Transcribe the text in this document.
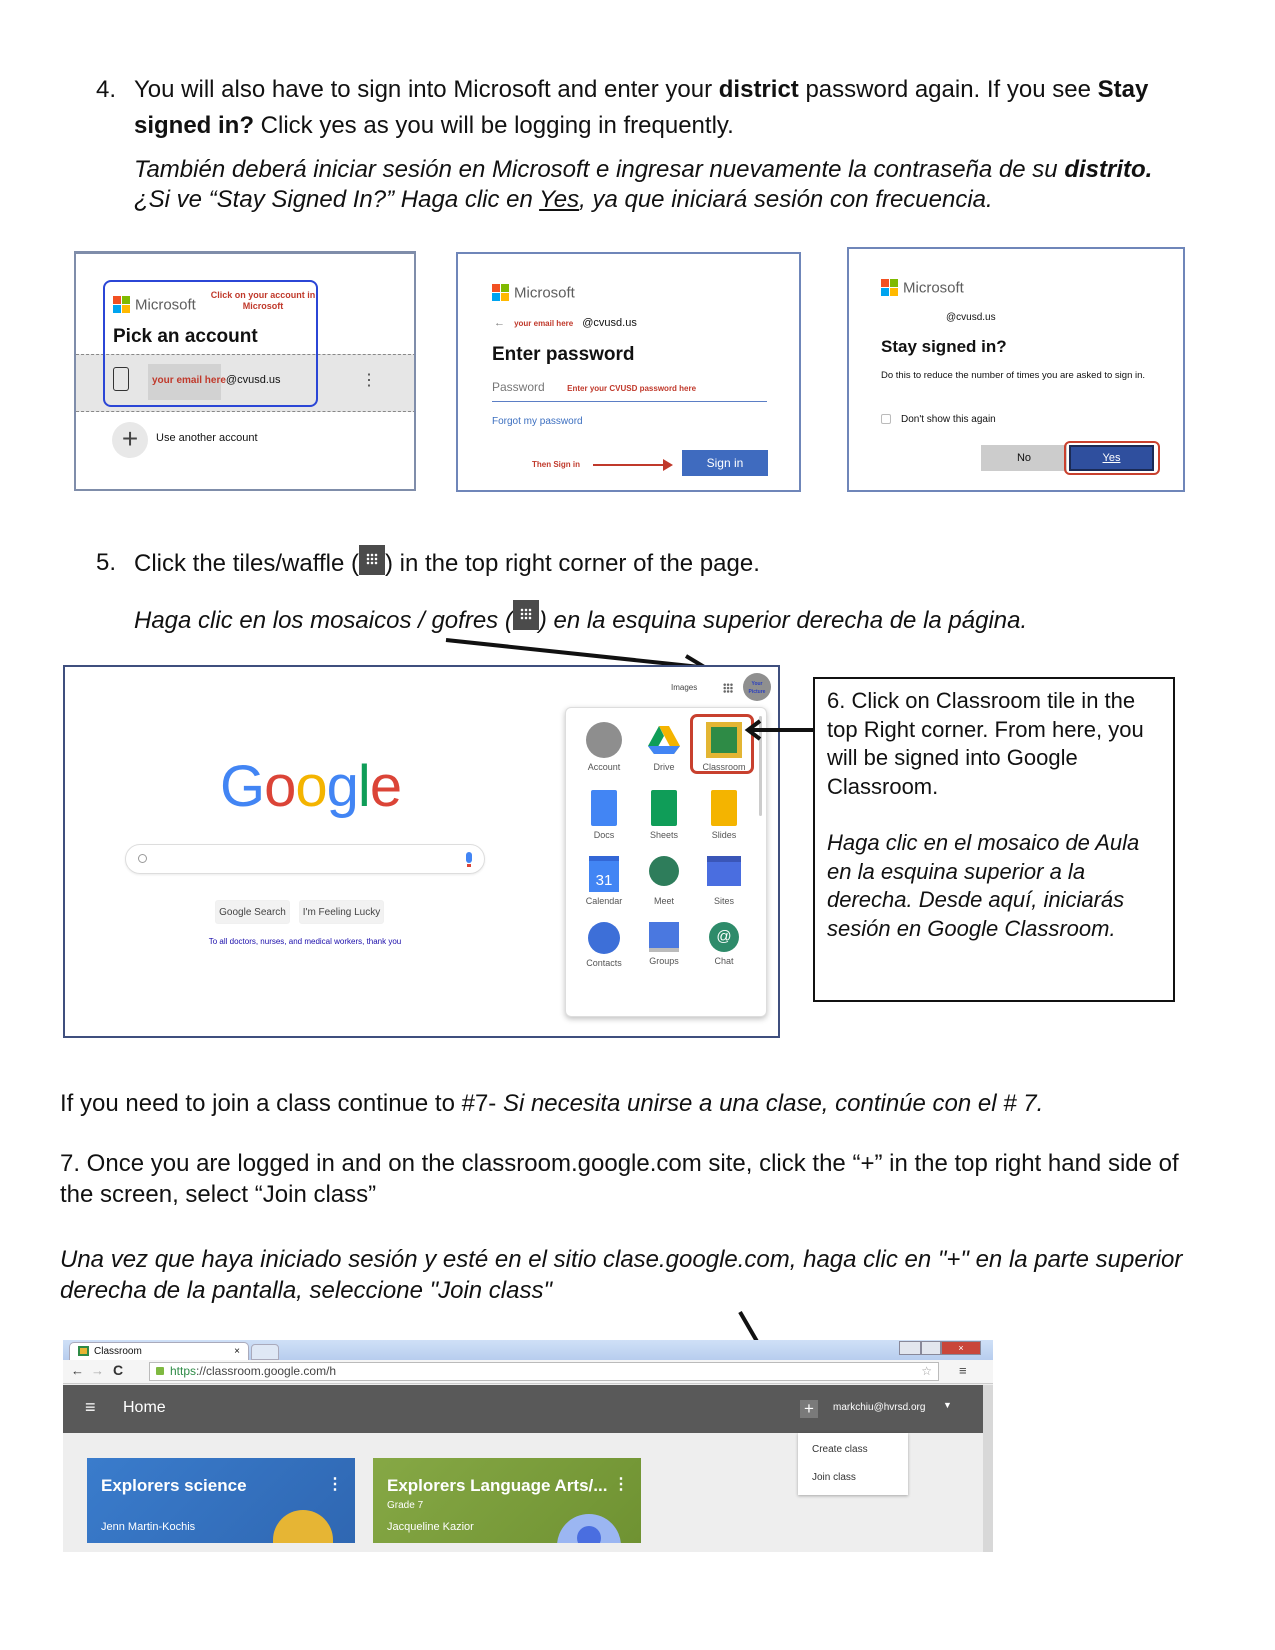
4. You will also have to sign into Microsoft and enter your district password again. If you see Stay signed in? Click yes as you will be logging in frequently.
También deberá iniciar sesión en Microsoft e ingresar nuevamente la contraseña de su distrito.
¿Si ve “Stay Signed In?” Haga clic en Yes, ya que iniciará sesión con frecuencia.
Microsoft
Click on your account in Microsoft
Pick an account
your email here@cvusd.us	⋮
+	Use another account
Microsoft
← your email here @cvusd.us
Enter password
Password	Enter your CVUSD password here
Forgot my password
Then Sign in	Sign in
Microsoft
@cvusd.us
Stay signed in?
Do this to reduce the number of times you are asked to sign in.
Don't show this again
No	Yes
5. Click the tiles/waffle ( ) in the top right corner of the page.
Haga clic en los mosaicos / gofres ( ) en la esquina superior derecha de la página.
Images	Your Picture
Google
Google Search	I'm Feeling Lucky
To all doctors, nurses, and medical workers, thank you
Account	Drive	Classroom
Docs	Sheets	Slides
31
Calendar	Meet	Sites
Contacts	Groups
@
Chat
6. Click on Classroom tile in the top Right corner. From here, you will be signed into Google Classroom.
Haga clic en el mosaico de Aula en la esquina superior a la derecha. Desde aquí, iniciarás sesión en Google Classroom.
If you need to join a class continue to #7- Si necesita unirse a una clase, continúe con el # 7.
7. Once you are logged in and on the classroom.google.com site, click the “+” in the top right hand side of the screen, select “Join class”
Una vez que haya iniciado sesión y esté en el sitio clase.google.com, haga clic en "+" en la parte superior derecha de la pantalla, seleccione "Join class"
Classroom	×	×
← → C	https://classroom.google.com/h	☆ ≡
≡ Home	+	markchiu@hvrsd.org ▼
Create class
Join class
Explorers science
Jenn Martin-Kochis
⋮	Explorers Language Arts/...
Grade 7
Jacqueline Kazior
⋮
